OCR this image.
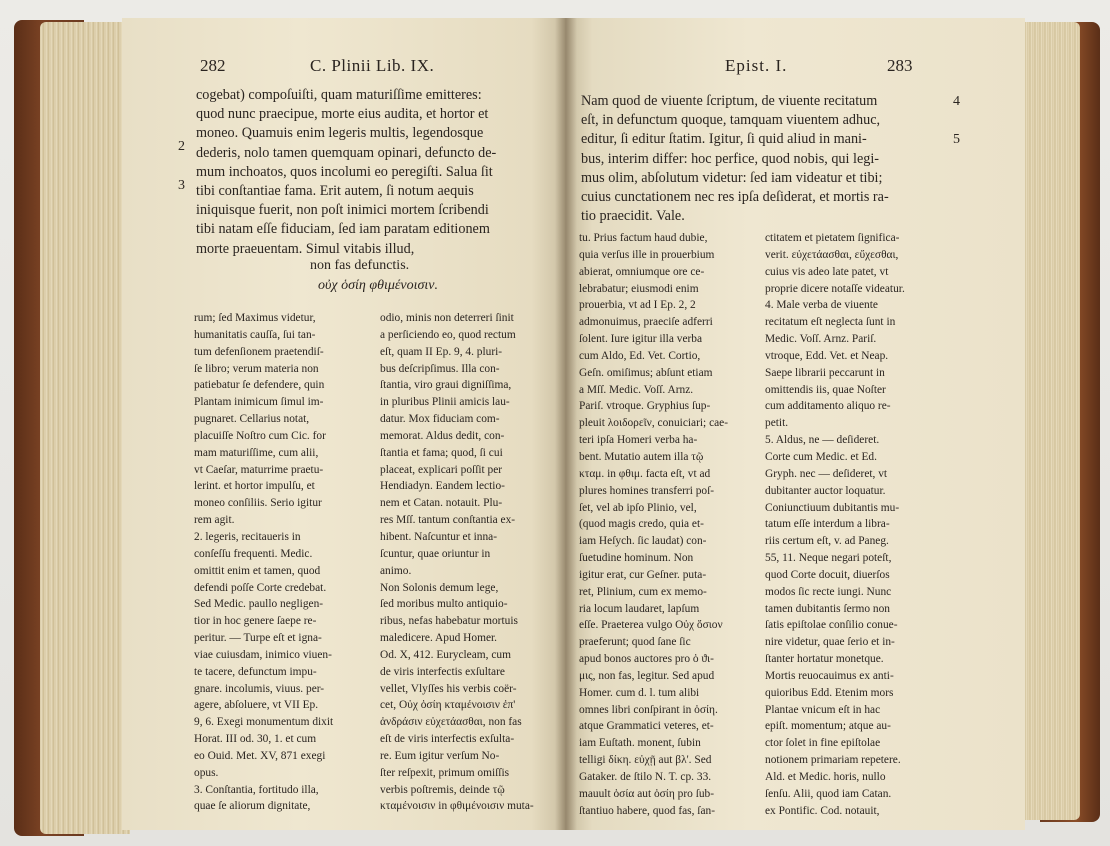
282	C. Plinii Lib. IX.
2
3
cogebat) compoſuiſti, quam maturiſſime emitteres:
quod nunc praecipue, morte eius audita, et hortor et
moneo. Quamuis enim legeris multis, legendosque
dederis, nolo tamen quemquam opinari, defuncto de-
mum inchoatos, quos incolumi eo peregiſti. Salua ſit
tibi conſtantiae fama. Erit autem, ſi notum aequis
iniquisque fuerit, non poſt inimici mortem ſcribendi
tibi natam eſſe fiduciam, ſed iam paratam editionem
morte praeuentam. Simul vitabis illud,
non fas defunctis.
οὐχ ὁσίη φθιμένοισιν.
rum; ſed Maximus videtur,
humanitatis cauſſa, ſui tan-
tum defenſionem praetendiſ-
ſe libro; verum materia non
patiebatur ſe defendere, quin
Plantam inimicum ſimul im-
pugnaret. Cellarius notat,
placuiſſe Noſtro cum Cic. for
mam maturiſſime, cum alii,
vt Caeſar, maturrime praetu-
lerint. et hortor impulſu, et
moneo conſiliis. Serio igitur
rem agit.
2. legeris, recitaueris in
conſeſſu frequenti. Medic.
omittit enim et tamen, quod
defendi poſſe Corte credebat.
Sed Medic. paullo negligen-
tior in hoc genere ſaepe re-
peritur. — Turpe eſt et igna-
viae cuiusdam, inimico viuen-
te tacere, defunctum impu-
gnare. incolumis, viuus. per-
agere, abſoluere, vt VII Ep.
9, 6. Exegi monumentum dixit
Horat. III od. 30, 1. et cum
eo Ouid. Met. XV, 871 exegi
opus.
3. Conſtantia, fortitudo illa,
quae ſe aliorum dignitate,
odio, minis non deterreri ſinit
a perſiciendo eo, quod rectum
eſt, quam II Ep. 9, 4. pluri-
bus deſcripſimus. Illa con-
ſtantia, viro graui digniſſima,
in pluribus Plinii amicis lau-
datur. Mox fiduciam com-
memorat. Aldus dedit, con-
ſtantia et fama; quod, ſi cui
placeat, explicari poſſit per
Hendiadyn. Eandem lectio-
nem et Catan. notauit. Plu-
res Mſſ. tantum conſtantia ex-
hibent. Naſcuntur et inna-
ſcuntur, quae oriuntur in
animo.
Non Solonis demum lege,
ſed moribus multo antiquio-
ribus, nefas habebatur mortuis
maledicere. Apud Homer.
Od. X, 412. Eurycleam, cum
de viris interfectis exſultare
vellet, Vlyſſes his verbis coër-
cet, Οὐχ ὁσίη κταμένοισιν ἐπ'
ἀνδράσιν εὐχετάασθαι, non fas
eſt de viris interfectis exſulta-
re. Eum igitur verſum No-
ſter reſpexit, primum omiſſis
verbis poſtremis, deinde τῷ
κταμένοισιν in φθιμένοισιν muta-
Epist. I.	283
4
5
Nam quod de viuente ſcriptum, de viuente recitatum
eſt, in defunctum quoque, tamquam viuentem adhuc,
editur, ſi editur ſtatim. Igitur, ſi quid aliud in mani-
bus, interim differ: hoc perfice, quod nobis, qui legi-
mus olim, abſolutum videtur: ſed iam videatur et tibi;
cuius cunctationem nec res ipſa deſiderat, et mortis ra-
tio praecidit. Vale.
tu. Prius factum haud dubie,
quia verſus ille in prouerbium
abierat, omniumque ore ce-
lebrabatur; eiusmodi enim
prouerbia, vt ad I Ep. 2, 2
admonuimus, praeciſe adferri
ſolent. Iure igitur illa verba
cum Aldo, Ed. Vet. Cortio,
Geſn. omiſimus; abſunt etiam
a Mſſ. Medic. Voſſ. Arnz.
Pariſ. vtroque. Gryphius ſup-
pleuit λοιδορεῖν, conuiciari; cae-
teri ipſa Homeri verba ha-
bent. Mutatio autem illa τῷ
κταμ. in φθιμ. facta eſt, vt ad
plures homines transferri poſ-
ſet, vel ab ipſo Plinio, vel,
(quod magis credo, quia et-
iam Heſych. ſic laudat) con-
ſuetudine hominum. Non
igitur erat, cur Geſner. puta-
ret, Plinium, cum ex memo-
ria locum laudaret, lapſum
eſſe. Praeterea vulgo Οὐχ ὅσιον
praeferunt; quod ſane ſic
apud bonos auctores pro ὁ ϑι-
μις, non fas, legitur. Sed apud
Homer. cum d. l. tum alibi
omnes libri conſpirant in ὁσίη.
atque Grammatici veteres, et-
iam Euſtath. monent, ſubin
telligi δίκη. εὐχῇ aut βλ'. Sed
Gataker. de ſtilo N. T. cp. 33.
mauult ὁσία aut ὁσίη pro ſub-
ſtantiuo habere, quod fas, ſan-
ctitatem et pietatem ſignifica-
verit. εὐχετάασθαι, εὔχεσθαι,
cuius vis adeo late patet, vt
proprie dicere notaſſe videatur.
4. Male verba de viuente
recitatum eſt neglecta ſunt in
Medic. Voſſ. Arnz. Pariſ.
vtroque, Edd. Vet. et Neap.
Saepe librarii peccarunt in
omittendis iis, quae Noſter
cum additamento aliquo re-
petit.
5. Aldus, ne — deſideret.
Corte cum Medic. et Ed.
Gryph. nec — deſideret, vt
dubitanter auctor loquatur.
Coniunctiuum dubitantis mu-
tatum eſſe interdum a libra-
riis certum eſt, v. ad Paneg.
55, 11. Neque negari poteſt,
quod Corte docuit, diuerſos
modos ſic recte iungi. Nunc
tamen dubitantis ſermo non
ſatis epiſtolae conſilio conue-
nire videtur, quae ſerio et in-
ſtanter hortatur monetque.
Mortis reuocauimus ex anti-
quioribus Edd. Etenim mors
Plantae vnicum eſt in hac
epiſt. momentum; atque au-
ctor ſolet in fine epiſtolae
notionem primariam repetere.
Ald. et Medic. horis, nullo
ſenſu. Alii, quod iam Catan.
ex Pontific. Cod. notauit,
